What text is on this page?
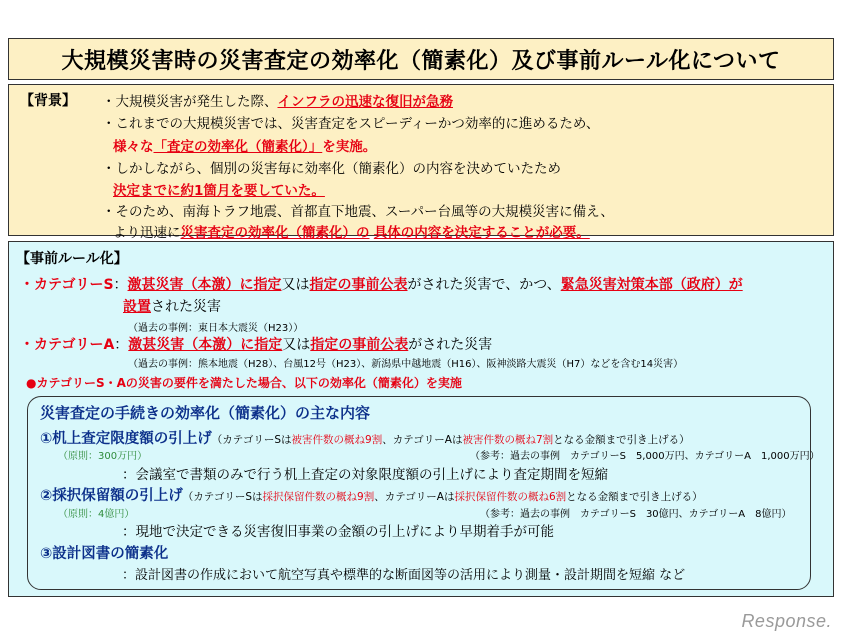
大規模災害時の災害査定の効率化（簡素化）及び事前ルール化について
【背景】 ・大規模災害が発生した際、インフラの迅速な復旧が急務
・これまでの大規模災害では、災害査定をスピーディーかつ効率的に進めるため、
様々な「査定の効率化（簡素化）」を実施。
・しかしながら、個別の災害毎に効率化（簡素化）の内容を決めていたため
決定までに約1箇月を要していた。
・そのため、南海トラフ地震、首都直下地震、スーパー台風等の大規模災害に備え、
より迅速に災害査定の効率化（簡素化）の 具体の内容を決定することが必要。
【事前ルール化】
・カテゴリーS：激甚災害（本激）に指定又は指定の事前公表がされた災害で、かつ、緊急災害対策本部（政府）が
設置された災害
（過去の事例：東日本大震災（H23））
・カテゴリーA：激甚災害（本激）に指定又は指定の事前公表がされた災害
（過去の事例：熊本地震（H28）、台風12号（H23）、新潟県中越地震（H16）、阪神淡路大震災（H7）などを含む14災害）
●カテゴリーS・Aの災害の要件を満たした場合、以下の効率化（簡素化）を実施
災害査定の手続きの効率化（簡素化）の主な内容
①机上査定限度額の引上げ（カテゴリーSは被害件数の概ね9割、カテゴリーAは被害件数の概ね7割となる金額まで引き上げる）
（原則：300万円）	（参考：過去の事例　カテゴリーS　5,000万円、カテゴリーA　1,000万円）
：会議室で書類のみで行う机上査定の対象限度額の引上げにより査定期間を短縮
②採択保留額の引上げ（カテゴリーSは採択保留件数の概ね9割、カテゴリーAは採択保留件数の概ね6割となる金額まで引き上げる）
（原則：4億円）	（参考：過去の事例　カテゴリーS　30億円、カテゴリーA　8億円）
：現地で決定できる災害復旧事業の金額の引上げにより早期着手が可能
③設計図書の簡素化
：設計図書の作成において航空写真や標準的な断面図等の活用により測量・設計期間を短縮 など
Response.
